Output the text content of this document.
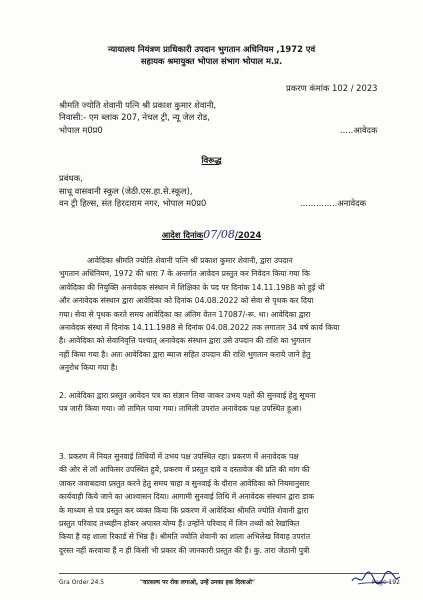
न्यायालय नियंत्रण प्राधिकारी उपदान भुगतान अधिनियम ,1972 एवं
सहायक श्रमायुक्त भोपाल संभाग भोपाल म.प्र.
प्रकरण कंमांक 102 / 2023
श्रीमति ज्योति शेवानी पत्नि श्री प्रकाश कुमार शेवानी,
निवासी:- एम ब्लाक 207, नेचल ट्री, न्यू जेल रोड,
भोपाल म0प्र0	.....आवेदक
विरूद्ध
प्रबंधक,
साधू वासवानी स्कूल (जेठी.एस.हा.से.स्कूल),
वन ट्री हिल्स, संत हिरदाराम नगर, भोपाल म0प्र0	..............अनावेदक
आदेश दिनांक07/08/2024
आवेदिका श्रीमति ज्योति शेवानी पत्नि श्री प्रकाश कुमार शेवानी, द्वारा उपदान
भुगतान अधिनियम, 1972 की धारा 7 के अन्तर्गत आवेदन प्रस्तुत कर निवेदन किया गया कि
आवेदिका की नियुक्ति अनावेदक संस्थान में शिक्षिका के पद पर दिनांक 14.11.1988 को हुई थी
और अनावेदक संस्थान द्वारा आवेदिका को दिनांक 04.08.2022 को सेवा से पृथक कर दिया
गया। सेवा से पृथक करते समय आवेदिका का अंतिम वेतन 17087/-रू. था। आवेदिका द्वारा
अनावेदक संस्था में दिनांक 14.11.1988 से दिनांक 04.08.2022 तक लगातार 34 वर्ष कार्य किया
है। आवेदिका को सेवानिवृत्ति पश्चात् अनावेदक संस्थान द्वारा उसे उपदान की राशि का भुगतान
नहीं किया गया है। अतः आवेदिका द्वारा ब्याज सहित उपदान की राशि भुगतान कराये जाने हेतु
अनुरोध किया गया है।
2. आवेदिका द्वारा प्रस्तुत आवेदन पत्र का संज्ञान लिया जाकर उभय पक्षों की सुनवाई हेतु सूचना
पत्र जारी किया गया। जो तामिल पाया गया। तामिली उपरांत अनावेदक पक्ष उपस्थित हुआ।
3. प्रकरण में नियत सुनवाई तिथियों में उभय पक्ष उपस्थित रहा। प्रकरण में अनावेदक पक्ष
की ओर से लॉ आफिसर उपस्थित हुये, प्रकरण में प्रस्तुत दावे व दस्तावेज की प्रति की मांग की
जाकर जवाबदावा प्रस्तुत करने हेतु समय चाहा व सुनवाई के दौरान आवेदिका को नियमानुसार
कार्यवाही किये जाने का आश्वासन दिया। आगामी सुनवाई तिथि में अनावेदक संस्थान द्वारा डाक
के माध्यम से पत्र प्रस्तुत कर व्यक्त किया कि प्रकरण में आवेदिका श्रीमति ज्योति शेवानी द्वारा
प्रस्तुत परिवाद तथ्यहीन होकर अपास्त योग्य हैं। उन्होंने परिवाद में जिन तथ्यों को रेखांकित
किया है वह शाला रिकार्ड से भिन्न हैं। श्रीमति ज्योति शेवानी का शाला अभिलेख विवाह उपरांत
दुरस्त नहीं करवाया हैं न ही किसी भी प्रकार की जानकारी प्रस्तुत की हैं। कु. तारा जेठानी पुत्री
Gra Order 24.5	"वात्सल्य पर रोक लगाओ, उन्हें उनका हक दिलाओ"	Page 192
